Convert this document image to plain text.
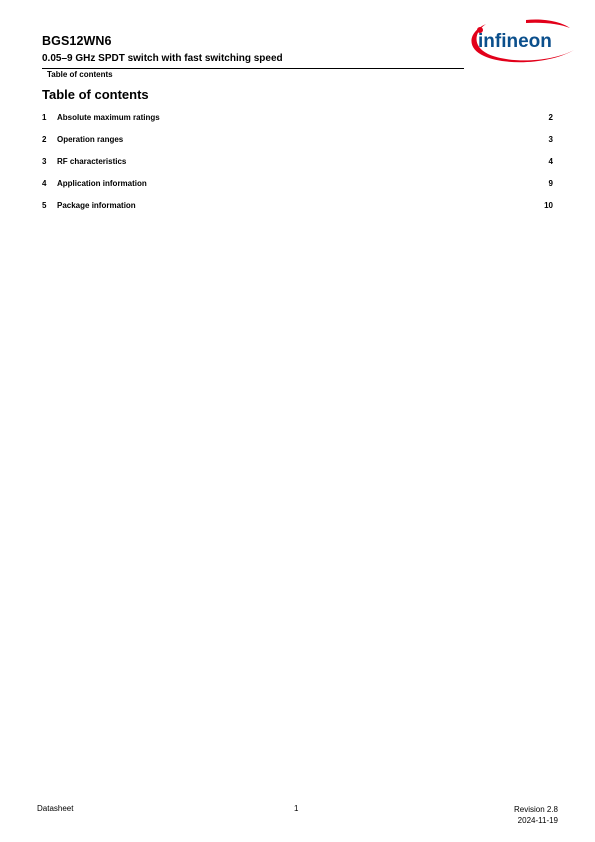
BGS12WN6
0.05–9 GHz SPDT switch with fast switching speed
Table of contents
infineon
Table of contents
1 Absolute maximum ratings	2
2 Operation ranges	3
3 RF characteristics	4
4 Application information	9
5 Package information	10
Datasheet	1	Revision 2.8
2024-11-19
